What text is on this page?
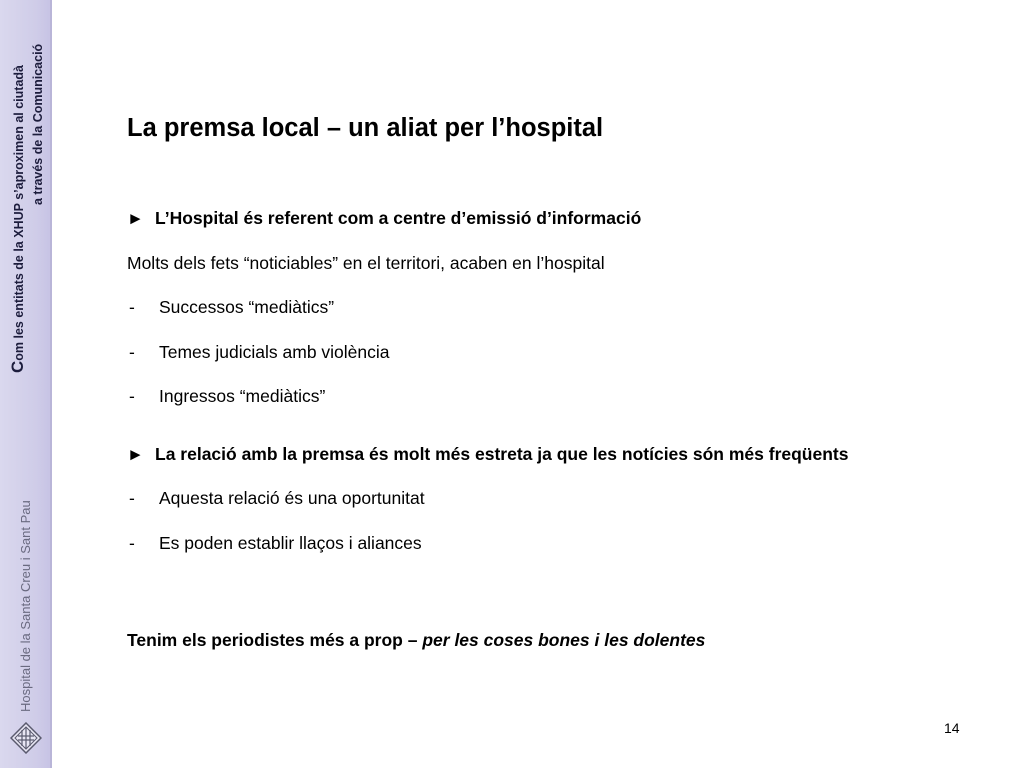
Com les entitats de la XHUP s’aproximen al ciutadà a través de la Comunicació
Hospital de la Santa Creu i Sant Pau
La premsa local – un aliat per l’hospital
► L’Hospital és referent com a centre d’emissió d’informació
Molts dels fets “noticiables” en el territori, acaben en l’hospital
- Successos “mediàtics”
- Temes judicials amb violència
- Ingressos “mediàtics”
► La relació amb la premsa és molt més estreta ja que les notícies són més freqüents
- Aquesta relació és una oportunitat
- Es poden establir llaços i aliances
Tenim els periodistes més a prop – per les coses bones i les dolentes
14
